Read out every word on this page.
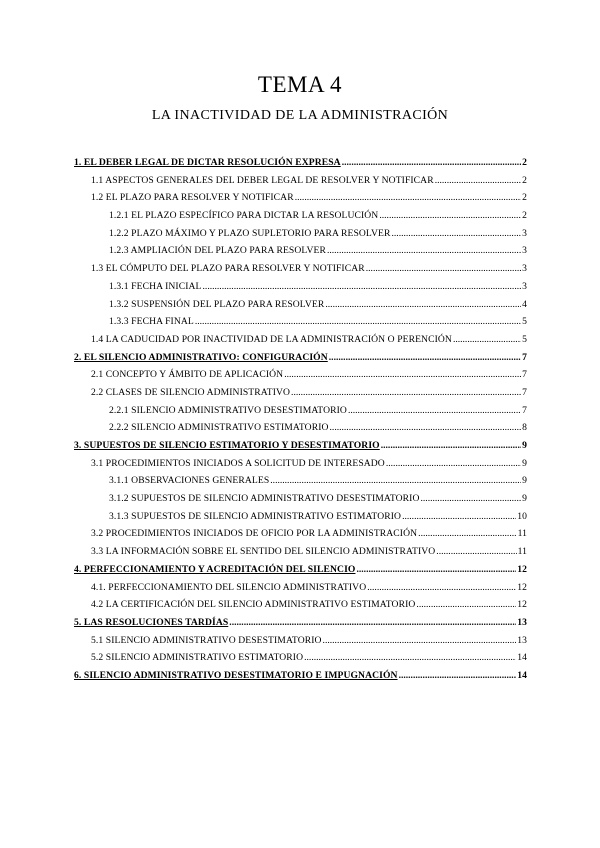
TEMA 4
LA INACTIVIDAD DE LA ADMINISTRACIÓN
1. EL DEBER LEGAL DE DICTAR RESOLUCIÓN EXPRESA .....	2
1.1 ASPECTOS GENERALES DEL DEBER LEGAL DE RESOLVER Y NOTIFICAR .....	2
1.2 EL PLAZO PARA RESOLVER Y NOTIFICAR .....	2
1.2.1 EL PLAZO ESPECÍFICO PARA DICTAR LA RESOLUCIÓN .....	2
1.2.2 PLAZO MÁXIMO Y PLAZO SUPLETORIO PARA RESOLVER .....	3
1.2.3 AMPLIACIÓN DEL PLAZO PARA RESOLVER .....	3
1.3 EL CÓMPUTO DEL PLAZO PARA RESOLVER Y NOTIFICAR .....	3
1.3.1 FECHA INICIAL .....	3
1.3.2 SUSPENSIÓN DEL PLAZO PARA RESOLVER .....	4
1.3.3 FECHA FINAL .....	5
1.4 LA CADUCIDAD POR INACTIVIDAD DE LA ADMINISTRACIÓN O PERENCIÓN .....	5
2. EL SILENCIO ADMINISTRATIVO: CONFIGURACIÓN .....	7
2.1 CONCEPTO Y ÁMBITO DE APLICACIÓN .....	7
2.2 CLASES DE SILENCIO ADMINISTRATIVO .....	7
2.2.1 SILENCIO ADMINISTRATIVO DESESTIMATORIO .....	7
2.2.2 SILENCIO ADMINISTRATIVO ESTIMATORIO .....	8
3. SUPUESTOS DE SILENCIO ESTIMATORIO Y DESESTIMATORIO .....	9
3.1 PROCEDIMIENTOS INICIADOS A SOLICITUD DE INTERESADO .....	9
3.1.1 OBSERVACIONES GENERALES .....	9
3.1.2 SUPUESTOS DE SILENCIO ADMINISTRATIVO DESESTIMATORIO .....	9
3.1.3 SUPUESTOS DE SILENCIO ADMINISTRATIVO ESTIMATORIO .....	10
3.2 PROCEDIMIENTOS INICIADOS DE OFICIO POR LA ADMINISTRACIÓN .....	11
3.3 LA INFORMACIÓN SOBRE EL SENTIDO DEL SILENCIO ADMINISTRATIVO .....	11
4. PERFECCIONAMIENTO Y ACREDITACIÓN DEL SILENCIO .....	12
4.1. PERFECCIONAMIENTO DEL SILENCIO ADMINISTRATIVO .....	12
4.2 LA CERTIFICACIÓN DEL SILENCIO ADMINISTRATIVO ESTIMATORIO .....	12
5. LAS RESOLUCIONES TARDÍAS .....	13
5.1 SILENCIO ADMINISTRATIVO DESESTIMATORIO .....	13
5.2 SILENCIO ADMINISTRATIVO ESTIMATORIO .....	14
6. SILENCIO ADMINISTRATIVO DESESTIMATORIO E IMPUGNACIÓN .....	14
